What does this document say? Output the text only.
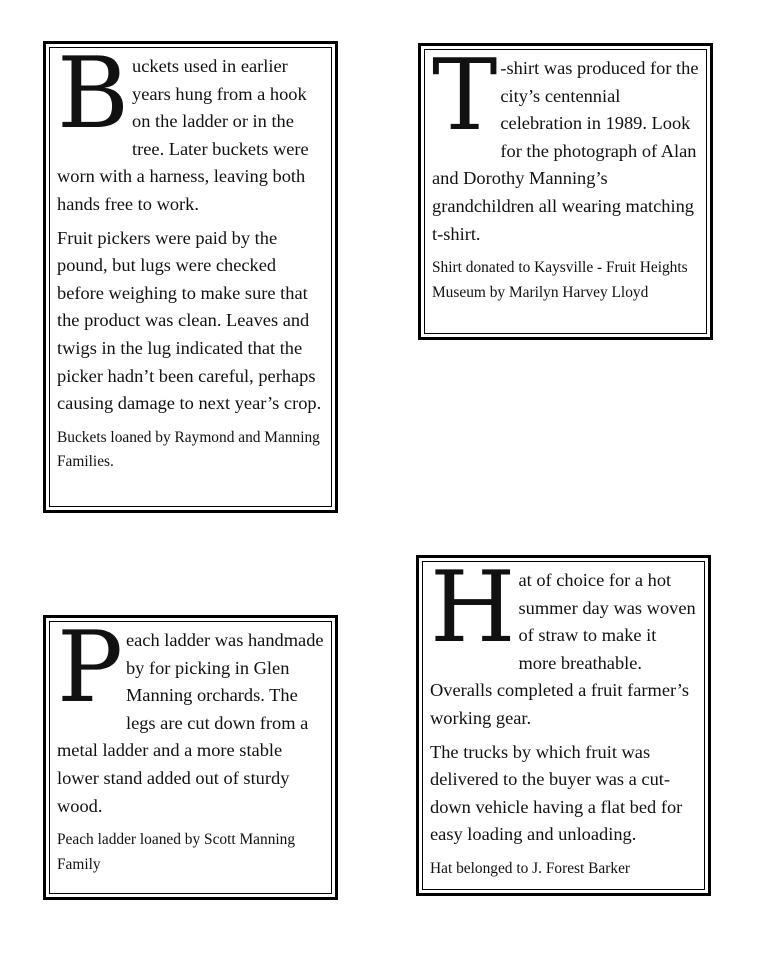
B uckets used in earlier years hung from a hook on the ladder or in the tree. Later buckets were worn with a harness, leaving both hands free to work.

Fruit pickers were paid by the pound, but lugs were checked before weighing to make sure that the product was clean. Leaves and twigs in the lug indicated that the picker hadn’t been careful, perhaps causing damage to next year’s crop.

Buckets loaned by Raymond and Manning Families.

T -shirt was produced for the city’s centennial celebration in 1989. Look for the photograph of Alan and Dorothy Manning’s grandchildren all wearing matching t-shirt.

Shirt donated to Kaysville - Fruit Heights Museum by Marilyn Harvey Lloyd

P each ladder was handmade by for picking in Glen Manning orchards. The legs are cut down from a metal ladder and a more stable lower stand added out of sturdy wood.

Peach ladder loaned by Scott Manning Family

H at of choice for a hot summer day was woven of straw to make it more breathable. Overalls completed a fruit farmer’s working gear.

The trucks by which fruit was delivered to the buyer was a cut-down vehicle having a flat bed for easy loading and unloading.

Hat belonged to J. Forest Barker
